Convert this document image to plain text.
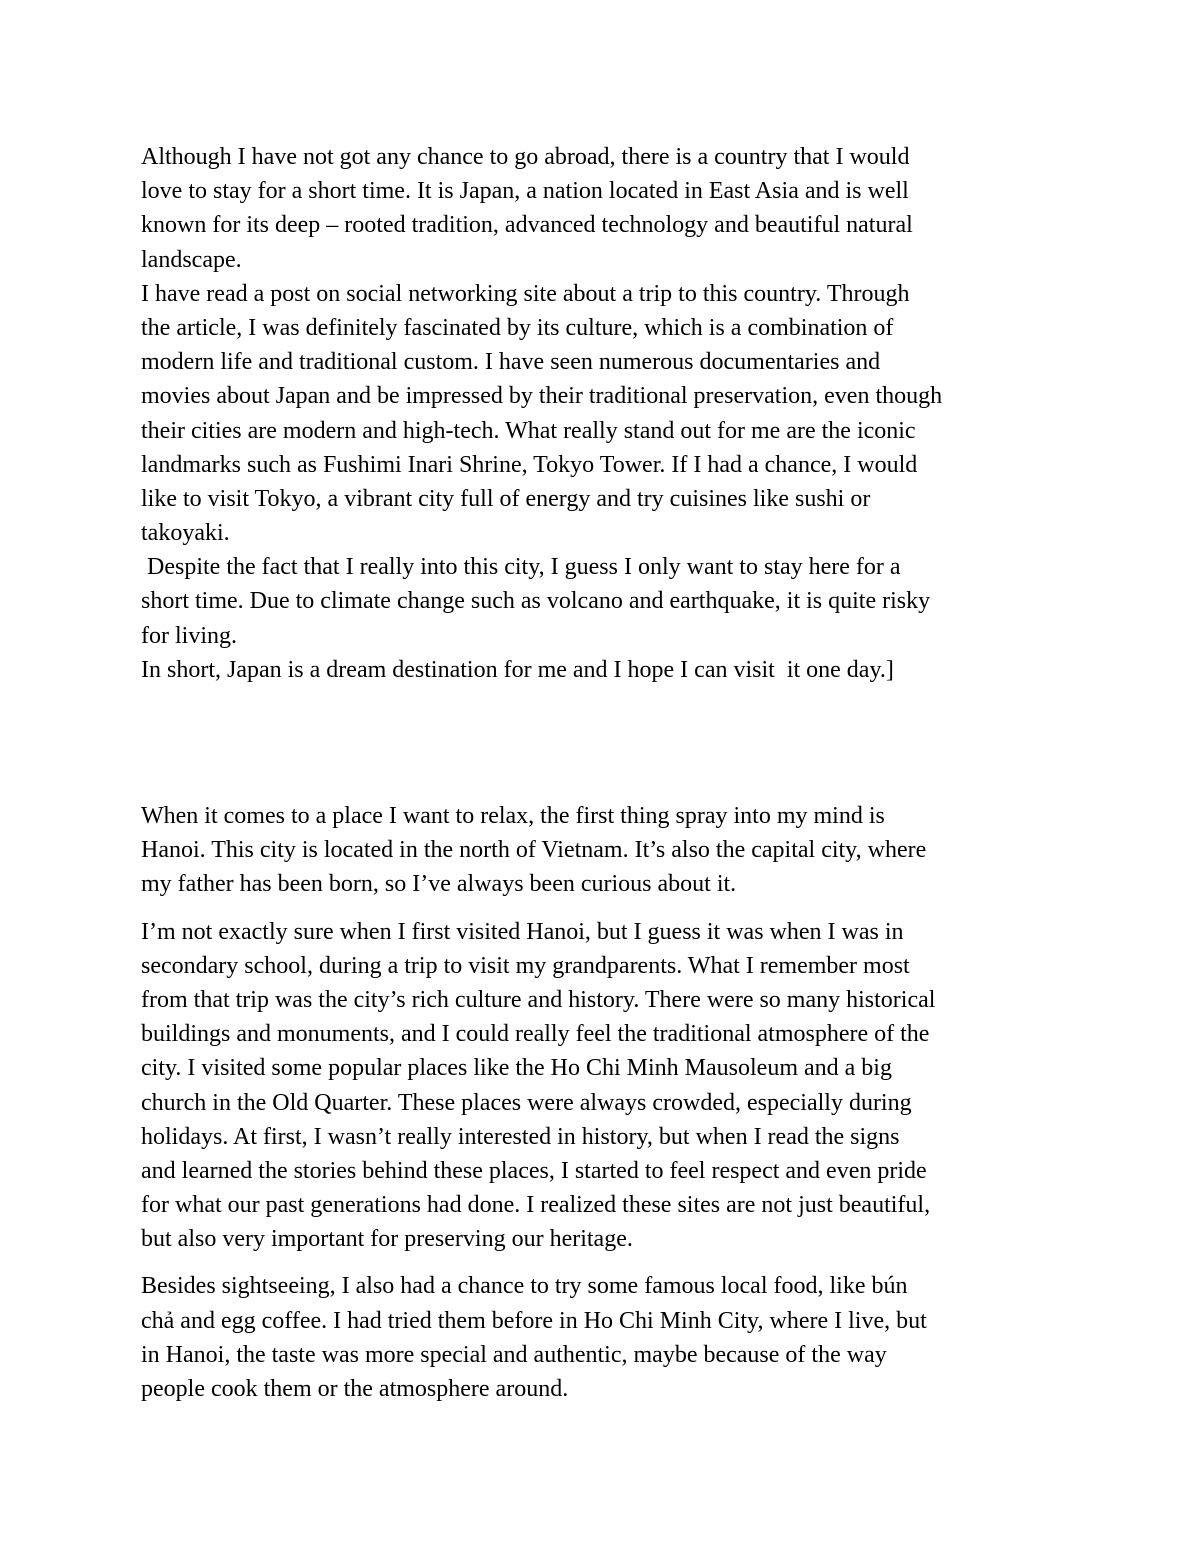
Although I have not got any chance to go abroad, there is a country that I would
love to stay for a short time. It is Japan, a nation located in East Asia and is well
known for its deep – rooted tradition, advanced technology and beautiful natural
landscape.
I have read a post on social networking site about a trip to this country. Through
the article, I was definitely fascinated by its culture, which is a combination of
modern life and traditional custom. I have seen numerous documentaries and
movies about Japan and be impressed by their traditional preservation, even though
their cities are modern and high-tech. What really stand out for me are the iconic
landmarks such as Fushimi Inari Shrine, Tokyo Tower. If I had a chance, I would
like to visit Tokyo, a vibrant city full of energy and try cuisines like sushi or
takoyaki.
Despite the fact that I really into this city, I guess I only want to stay here for a
short time. Due to climate change such as volcano and earthquake, it is quite risky
for living.
In short, Japan is a dream destination for me and I hope I can visit  it one day.]
When it comes to a place I want to relax, the first thing spray into my mind is
Hanoi. This city is located in the north of Vietnam. It’s also the capital city, where
my father has been born, so I’ve always been curious about it.
I’m not exactly sure when I first visited Hanoi, but I guess it was when I was in
secondary school, during a trip to visit my grandparents. What I remember most
from that trip was the city’s rich culture and history. There were so many historical
buildings and monuments, and I could really feel the traditional atmosphere of the
city. I visited some popular places like the Ho Chi Minh Mausoleum and a big
church in the Old Quarter. These places were always crowded, especially during
holidays. At first, I wasn’t really interested in history, but when I read the signs
and learned the stories behind these places, I started to feel respect and even pride
for what our past generations had done. I realized these sites are not just beautiful,
but also very important for preserving our heritage.
Besides sightseeing, I also had a chance to try some famous local food, like bún
chả and egg coffee. I had tried them before in Ho Chi Minh City, where I live, but
in Hanoi, the taste was more special and authentic, maybe because of the way
people cook them or the atmosphere around.
